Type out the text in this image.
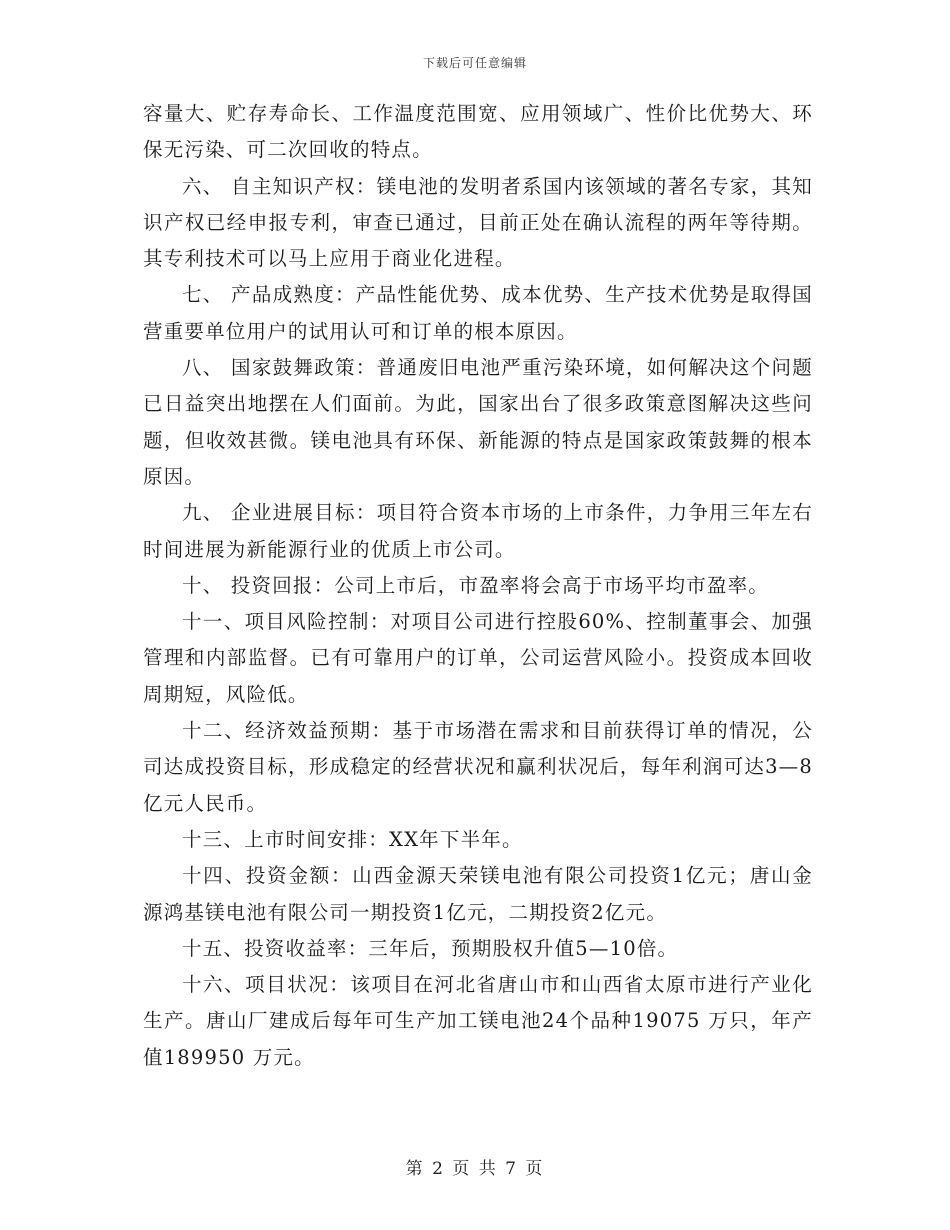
下载后可任意编辑

容量大、贮存寿命长、工作温度范围宽、应用领域广、性价比优势大、环保无污染、可二次回收的特点。

六、 自主知识产权：镁电池的发明者系国内该领域的著名专家，其知识产权已经申报专利，审查已通过，目前正处在确认流程的两年等待期。其专利技术可以马上应用于商业化进程。

七、 产品成熟度：产品性能优势、成本优势、生产技术优势是取得国营重要单位用户的试用认可和订单的根本原因。

八、 国家鼓舞政策：普通废旧电池严重污染环境，如何解决这个问题已日益突出地摆在人们面前。为此，国家出台了很多政策意图解决这些问题，但收效甚微。镁电池具有环保、新能源的特点是国家政策鼓舞的根本原因。

九、 企业进展目标：项目符合资本市场的上市条件，力争用三年左右时间进展为新能源行业的优质上市公司。

十、 投资回报：公司上市后，市盈率将会高于市场平均市盈率。

十一、项目风险控制：对项目公司进行控股60%、控制董事会、加强管理和内部监督。已有可靠用户的订单，公司运营风险小。投资成本回收周期短，风险低。

十二、经济效益预期：基于市场潜在需求和目前获得订单的情况，公司达成投资目标，形成稳定的经营状况和赢利状况后，每年利润可达3—8亿元人民币。

十三、上市时间安排：XX年下半年。

十四、投资金额：山西金源天荣镁电池有限公司投资1亿元；唐山金源鸿基镁电池有限公司一期投资1亿元，二期投资2亿元。

十五、投资收益率：三年后，预期股权升值5—10倍。

十六、项目状况：该项目在河北省唐山市和山西省太原市进行产业化生产。唐山厂建成后每年可生产加工镁电池24个品种19075 万只，年产值189950 万元。

第 2 页 共 7 页
